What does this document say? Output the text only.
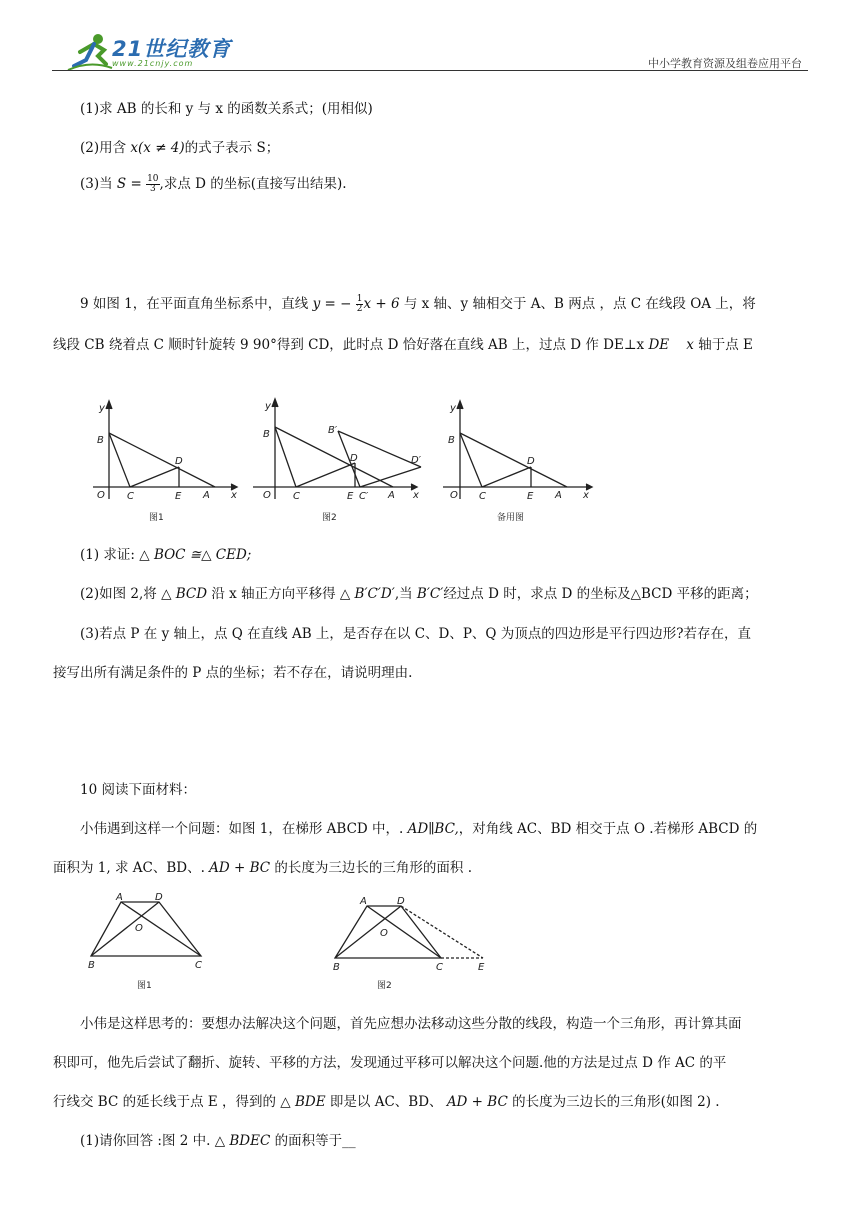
21世纪教育
www.21cnjy.com	中小学教育资源及组卷应用平台
(1)求 AB 的长和 y 与 x 的函数关系式；(用相似)
(2)用含 x(x ≠ 4)的式子表示 S；
(3)当 $S = \frac{10}{3}$ ,求点 D 的坐标(直接写出结果).
9 如图 1，在平面直角坐标系中，直线 y = − $\frac{1}{2}$ x + 6 与 x 轴、y 轴相交于 A、B 两点 ，点 C 在线段 OA 上，将
线段 CB 绕着点 C 顺时针旋转 9 90°得到 CD，此时点 D 恰好落在直线 AB 上，过点 D 作 DE⊥x DE x 轴于点 E
y
B
O C
D
E A x
图1
y
B
O C
B′
D	D′
E C′ A x
图2
y
B
O C
D
E A x
备用图
(1) 求证: △ BOC ≅△ CED;
(2)如图 2,将 △ BCD 沿 x 轴正方向平移得 △ B′C′D′,当 B′C′经过点 D 时，求点 D 的坐标及△BCD 平移的距离；
(3)若点 P 在 y 轴上，点 Q 在直线 AB 上，是否存在以 C、D、P、Q 为顶点的四边形是平行四边形?若存在，直
接写出所有满足条件的 P 点的坐标；若不存在，请说明理由.
10 阅读下面材料：
小伟遇到这样一个问题：如图 1，在梯形 ABCD 中，. AD∥BC,，对角线 AC、BD 相交于点 O .若梯形 ABCD 的
面积为 1, 求 AC、BD、. AD + BC 的长度为三边长的三角形的面积 .
A	D
O
B	C
图1
A	D
O
B	C	E
图2
小伟是这样思考的：要想办法解决这个问题，首先应想办法移动这些分散的线段，构造一个三角形，再计算其面
积即可，他先后尝试了翻折、旋转、平移的方法，发现通过平移可以解决这个问题.他的方法是过点 D 作 AC 的平
行线交 BC 的延长线于点 E ，得到的 △ BDE 即是以 AC、BD、 AD + BC 的长度为三边长的三角形(如图 2) .
(1)请你回答 :图 2 中. △ BDEC 的面积等于__
